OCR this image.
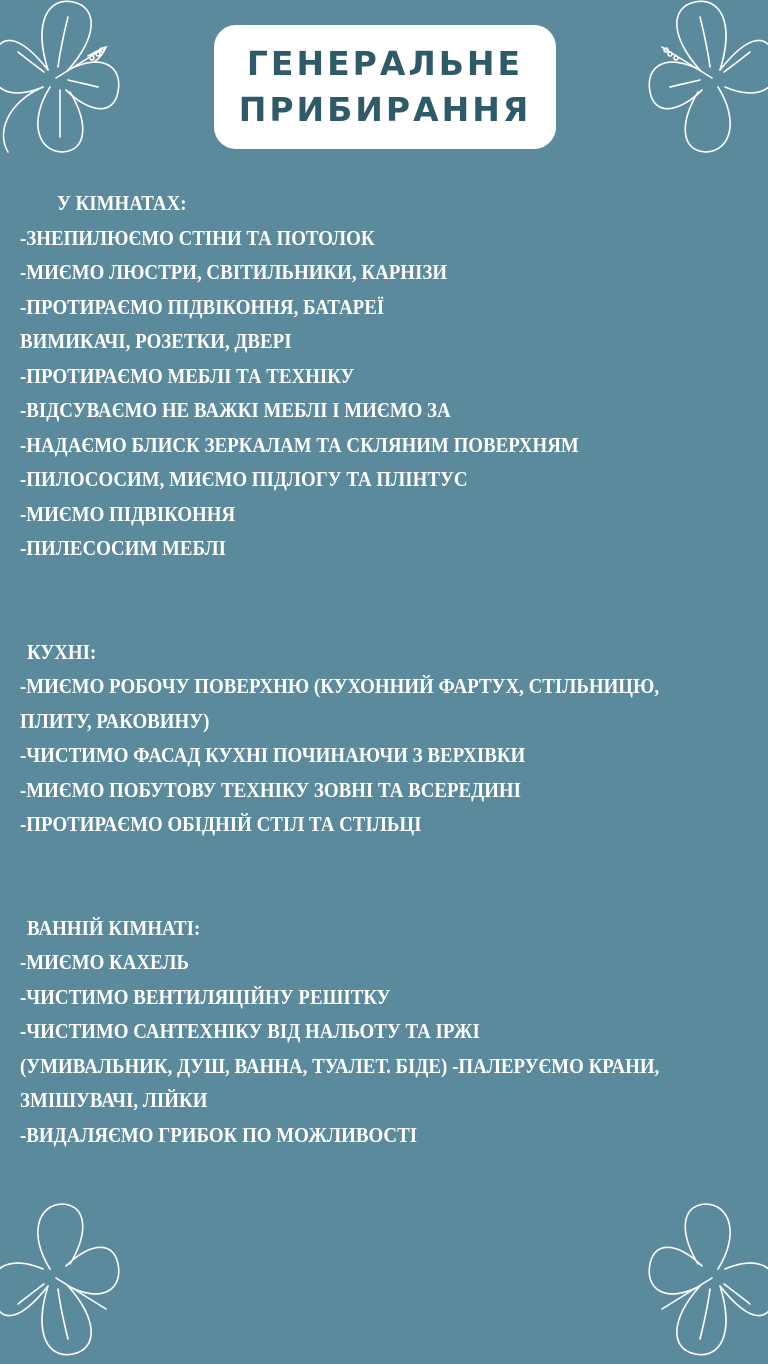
ГЕНЕРАЛЬНЕ
ПРИБИРАННЯ
У КІМНАТАХ:
-ЗНЕПИЛЮЄМО СТІНИ ТА ПОТОЛОК
-МИЄМО ЛЮСТРИ, СВІТИЛЬНИКИ, КАРНІЗИ
-ПРОТИРАЄМО ПІДВІКОННЯ, БАТАРЕЇ
ВИМИКАЧІ, РОЗЕТКИ, ДВЕРІ
-ПРОТИРАЄМО МЕБЛІ ТА ТЕХНІКУ
-ВІДСУВАЄМО НЕ ВАЖКІ МЕБЛІ І МИЄМО ЗА
-НАДАЄМО БЛИСК ЗЕРКАЛАМ ТА СКЛЯНИМ ПОВЕРХНЯМ
-ПИЛОСОСИМ, МИЄМО ПІДЛОГУ ТА ПЛІНТУС
-МИЄМО ПІДВІКОННЯ
-ПИЛЕСОСИМ МЕБЛІ
КУХНІ:
-МИЄМО РОБОЧУ ПОВЕРХНЮ (КУХОННИЙ ФАРТУХ, СТІЛЬНИЦЮ,
ПЛИТУ, РАКОВИНУ)
-ЧИСТИМО ФАСАД КУХНІ ПОЧИНАЮЧИ З ВЕРХІВКИ
-МИЄМО ПОБУТОВУ ТЕХНІКУ ЗОВНІ ТА ВСЕРЕДИНІ
-ПРОТИРАЄМО ОБІДНІЙ СТІЛ ТА СТІЛЬЦІ
ВАННІЙ КІМНАТІ:
-МИЄМО КАХЕЛЬ
-ЧИСТИМО ВЕНТИЛЯЦІЙНУ РЕШІТКУ
-ЧИСТИМО САНТЕХНІКУ ВІД НАЛЬОТУ ТА ІРЖІ
(УМИВАЛЬНИК, ДУШ, ВАННА, ТУАЛЕТ. БІДЕ) -ПАЛЕРУЄМО КРАНИ,
ЗМІШУВАЧІ, ЛІЙКИ
-ВИДАЛЯЄМО ГРИБОК ПО МОЖЛИВОСТІ
